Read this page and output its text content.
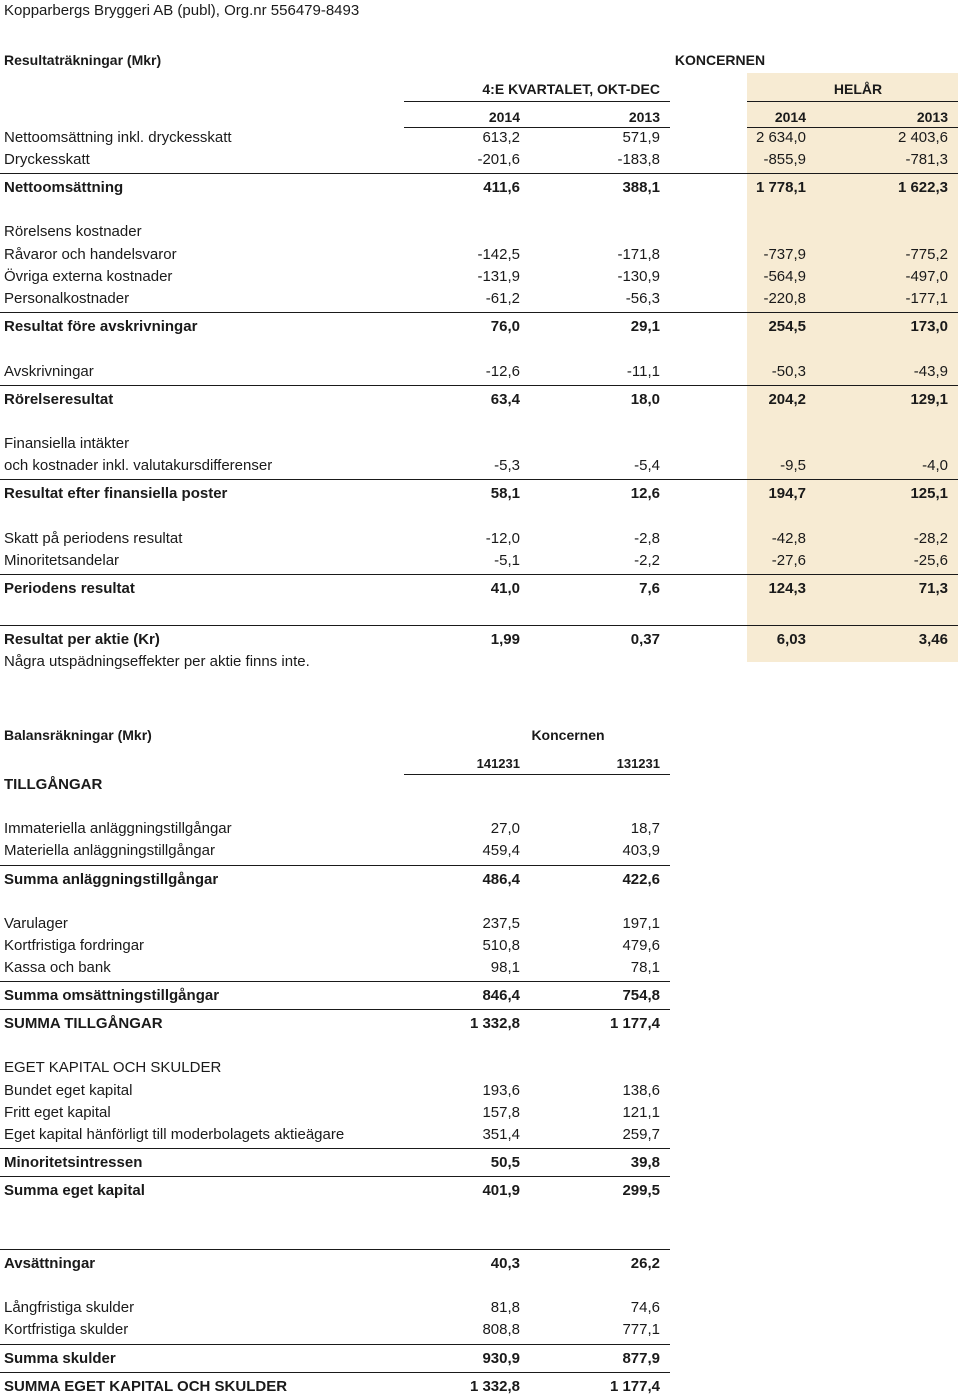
Kopparbergs Bryggeri AB (publ), Org.nr 556479-8493
Resultaträkningar (Mkr)	KONCERNEN
4:E KVARTALET, OKT-DEC	HELÅR
2014	2013	2014	2013
Nettoomsättning inkl. dryckesskatt	613,2	571,9	2 634,0	2 403,6
Dryckesskatt	-201,6	-183,8	-855,9	-781,3
Nettoomsättning	411,6	388,1	1 778,1	1 622,3
Rörelsens kostnader
Råvaror och handelsvaror	-142,5	-171,8	-737,9	-775,2
Övriga externa kostnader	-131,9	-130,9	-564,9	-497,0
Personalkostnader	-61,2	-56,3	-220,8	-177,1
Resultat före avskrivningar	76,0	29,1	254,5	173,0
Avskrivningar	-12,6	-11,1	-50,3	-43,9
Rörelseresultat	63,4	18,0	204,2	129,1
Finansiella intäkter
och kostnader inkl. valutakursdifferenser	-5,3	-5,4	-9,5	-4,0
Resultat efter finansiella poster	58,1	12,6	194,7	125,1
Skatt på periodens resultat	-12,0	-2,8	-42,8	-28,2
Minoritetsandelar	-5,1	-2,2	-27,6	-25,6
Periodens resultat	41,0	7,6	124,3	71,3
Resultat per aktie (Kr)	1,99	0,37	6,03	3,46
Några utspädningseffekter per aktie finns inte.
Balansräkningar (Mkr)	Koncernen
141231	131231
TILLGÅNGAR
Immateriella anläggningstillgångar	27,0	18,7
Materiella anläggningstillgångar	459,4	403,9
Summa anläggningstillgångar	486,4	422,6
Varulager	237,5	197,1
Kortfristiga fordringar	510,8	479,6
Kassa och bank	98,1	78,1
Summa omsättningstillgångar	846,4	754,8
SUMMA TILLGÅNGAR	1 332,8	1 177,4
EGET KAPITAL OCH SKULDER
Bundet eget kapital	193,6	138,6
Fritt eget kapital	157,8	121,1
Eget kapital hänförligt till moderbolagets aktieägare	351,4	259,7
Minoritetsintressen	50,5	39,8
Summa eget kapital	401,9	299,5
Avsättningar	40,3	26,2
Långfristiga skulder	81,8	74,6
Kortfristiga skulder	808,8	777,1
Summa skulder	930,9	877,9
SUMMA EGET KAPITAL OCH SKULDER	1 332,8	1 177,4
